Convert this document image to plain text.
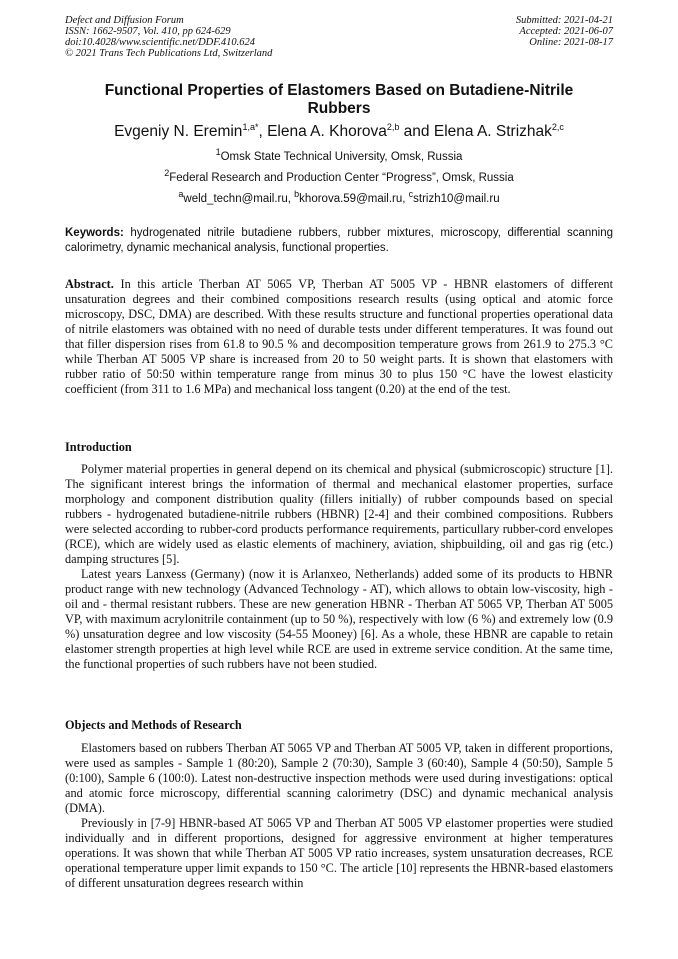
Defect and Diffusion Forum
ISSN: 1662-9507, Vol. 410, pp 624-629
doi:10.4028/www.scientific.net/DDF.410.624
© 2021 Trans Tech Publications Ltd, Switzerland
Submitted: 2021-04-21
Accepted: 2021-06-07
Online: 2021-08-17
Functional Properties of Elastomers Based on Butadiene-Nitrile Rubbers
Evgeniy N. Eremin$^{1,a*}$, Elena A. Khorova$^{2,b}$ and Elena A. Strizhak$^{2,c}$
$^1$Omsk State Technical University, Omsk, Russia
$^2$Federal Research and Production Center “Progress”, Omsk, Russia
$^a$weld_techn@mail.ru, $^b$khorova.59@mail.ru, $^c$strizh10@mail.ru
Keywords: hydrogenated nitrile butadiene rubbers, rubber mixtures, microscopy, differential scanning calorimetry, dynamic mechanical analysis, functional properties.
Abstract. In this article Therban AT 5065 VP, Therban AT 5005 VP - HBNR elastomers of different unsaturation degrees and their combined compositions research results (using optical and atomic force microscopy, DSC, DMA) are described. With these results structure and functional properties operational data of nitrile elastomers was obtained with no need of durable tests under different temperatures. It was found out that filler dispersion rises from 61.8 to 90.5 % and decomposition temperature grows from 261.9 to 275.3 °C while Therban AT 5005 VP share is increased from 20 to 50 weight parts. It is shown that elastomers with rubber ratio of 50:50 within temperature range from minus 30 to plus 150 °C have the lowest elasticity coefficient (from 311 to 1.6 MPa) and mechanical loss tangent (0.20) at the end of the test.
Introduction

Polymer material properties in general depend on its chemical and physical (submicroscopic) structure [1]. The significant interest brings the information of thermal and mechanical elastomer properties, surface morphology and component distribution quality (fillers initially) of rubber compounds based on special rubbers - hydrogenated butadiene-nitrile rubbers (HBNR) [2-4] and their combined compositions. Rubbers were selected according to rubber-cord products performance requirements, particullary rubber-cord envelopes (RCE), which are widely used as elastic elements of machinery, aviation, shipbuilding, oil and gas rig (etc.) damping structures [5].

Latest years Lanxess (Germany) (now it is Arlanxeo, Netherlands) added some of its products to HBNR product range with new technology (Advanced Technology - AT), which allows to obtain low-viscosity, high - oil and - thermal resistant rubbers. These are new generation HBNR - Therban AT 5065 VP, Therban AT 5005 VP, with maximum acrylonitrile containment (up to 50 %), respectively with low (6 %) and extremely low (0.9 %) unsaturation degree and low viscosity (54-55 Mooney) [6]. As a whole, these HBNR are capable to retain elastomer strength properties at high level while RCE are used in extreme service condition. At the same time, the functional properties of such rubbers have not been studied.

Objects and Methods of Research

Elastomers based on rubbers Therban AT 5065 VP and Therban AT 5005 VP, taken in different proportions, were used as samples - Sample 1 (80:20), Sample 2 (70:30), Sample 3 (60:40), Sample 4 (50:50), Sample 5 (0:100), Sample 6 (100:0). Latest non-destructive inspection methods were used during investigations: optical and atomic force microscopy, differential scanning calorimetry (DSC) and dynamic mechanical analysis (DMA).

Previously in [7-9] HBNR-based AT 5065 VP and Therban AT 5005 VP elastomer properties were studied individually and in different proportions, designed for aggressive environment at higher temperatures operations. It was shown that while Therban AT 5005 VP ratio increases, system unsaturation decreases, RCE operational temperature upper limit expands to 150 °C. The article [10] represents the HBNR-based elastomers of different unsaturation degrees research within
